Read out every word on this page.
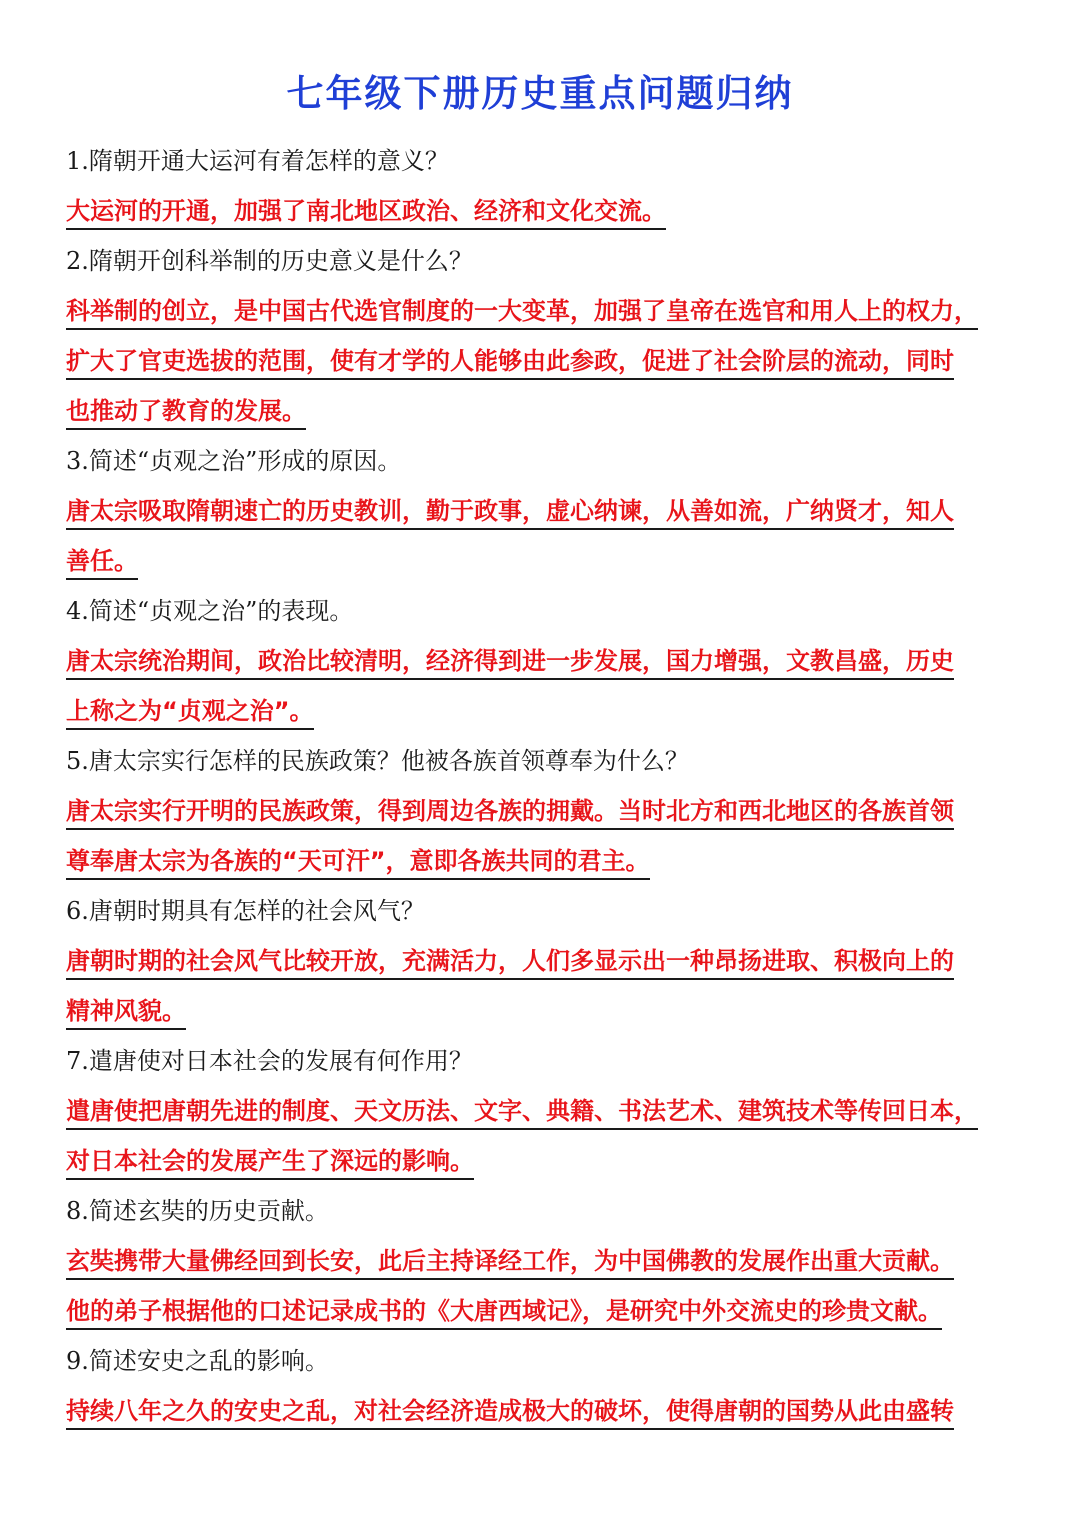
七年级下册历史重点问题归纳
1.隋朝开通大运河有着怎样的意义？
大运河的开通，加强了南北地区政治、经济和文化交流。
2.隋朝开创科举制的历史意义是什么？
科举制的创立，是中国古代选官制度的一大变革，加强了皇帝在选官和用人上的权力，
扩大了官吏选拔的范围，使有才学的人能够由此参政，促进了社会阶层的流动，同时
也推动了教育的发展。
3.简述“贞观之治”形成的原因。
唐太宗吸取隋朝速亡的历史教训，勤于政事，虚心纳谏，从善如流，广纳贤才，知人
善任。
4.简述“贞观之治”的表现。
唐太宗统治期间，政治比较清明，经济得到进一步发展，国力增强，文教昌盛，历史
上称之为“贞观之治”。
5.唐太宗实行怎样的民族政策？他被各族首领尊奉为什么？
唐太宗实行开明的民族政策，得到周边各族的拥戴。当时北方和西北地区的各族首领
尊奉唐太宗为各族的“天可汗”，意即各族共同的君主。
6.唐朝时期具有怎样的社会风气？
唐朝时期的社会风气比较开放，充满活力，人们多显示出一种昂扬进取、积极向上的
精神风貌。
7.遣唐使对日本社会的发展有何作用？
遣唐使把唐朝先进的制度、天文历法、文字、典籍、书法艺术、建筑技术等传回日本，
对日本社会的发展产生了深远的影响。
8.简述玄奘的历史贡献。
玄奘携带大量佛经回到长安，此后主持译经工作，为中国佛教的发展作出重大贡献。
他的弟子根据他的口述记录成书的《大唐西域记》，是研究中外交流史的珍贵文献。
9.简述安史之乱的影响。
持续八年之久的安史之乱，对社会经济造成极大的破坏，使得唐朝的国势从此由盛转
